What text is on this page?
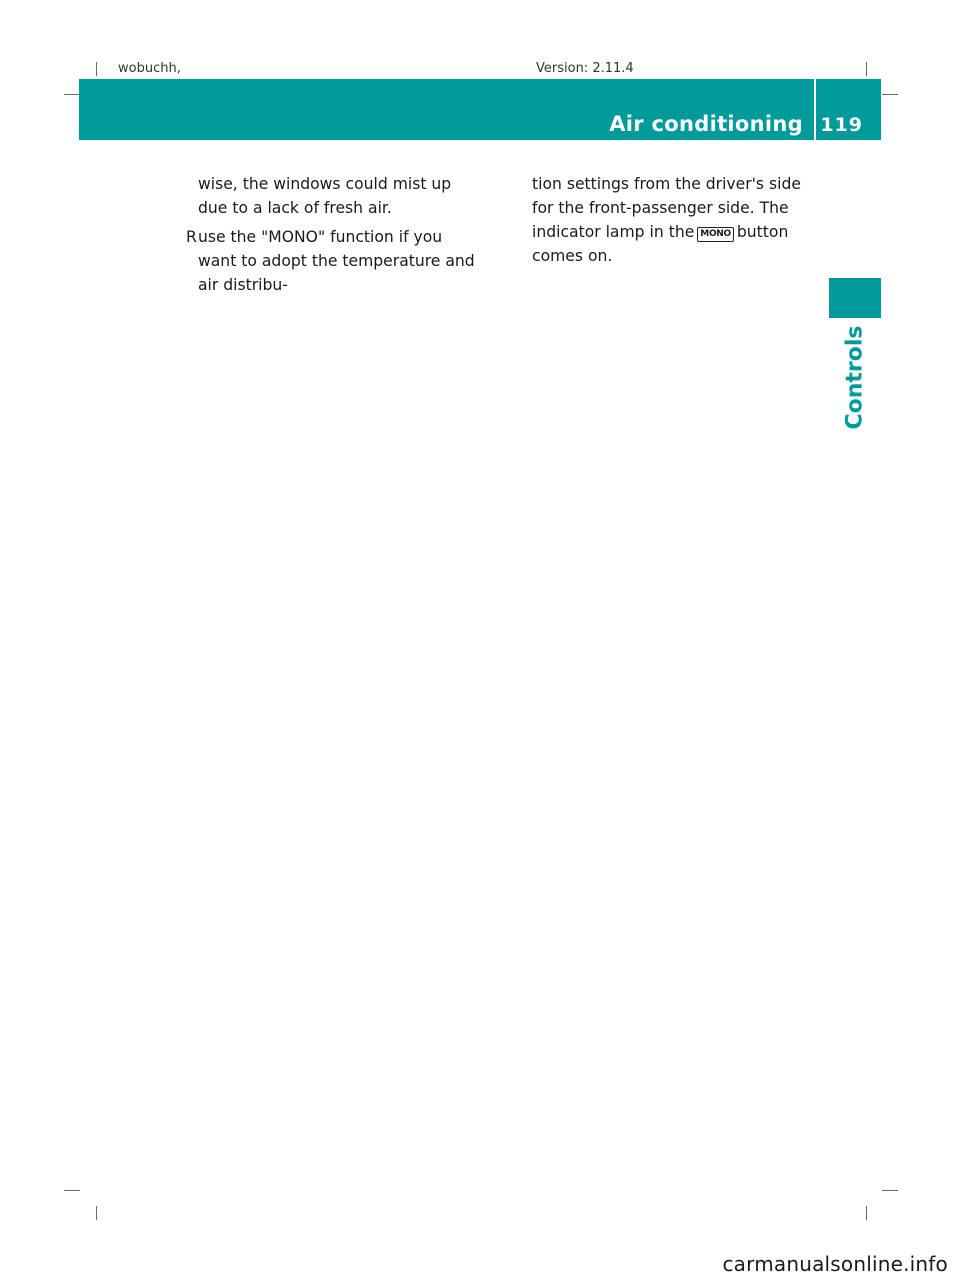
wobuchh,	Version: 2.11.4
Air conditioning 119
Controls

wise, the windows could mist up due to a lack of fresh air.

R use the "MONO" function if you want to adopt the temperature and air distribu-

tion settings from the driver's side for the front-passenger side. The indicator lamp in the MONO button comes on.

carmanualsonline.info
